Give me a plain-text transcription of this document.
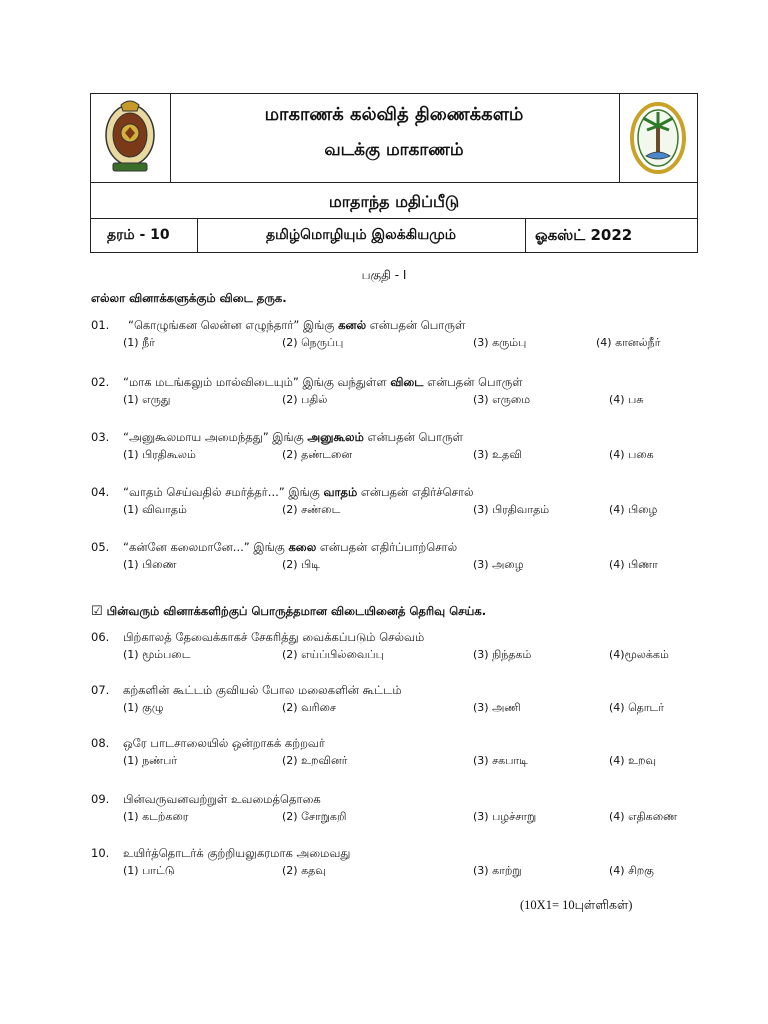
மாகாணக் கல்வித் திணைக்களம்
வடக்கு மாகாணம்
மாதாந்த மதிப்பீடு
தரம் - 10	தமிழ்மொழியும் இலக்கியமும்	ஓகஸ்ட் 2022
பகுதி - I
எல்லா வினாக்களுக்கும் விடை தருக.
01. “கொழுங்கன லென்ன எழுந்தார்” இங்கு கனல் என்பதன் பொருள்
(1) நீர்	(2) நெருப்பு	(3) கரும்பு	(4) கானல்நீர்
02. “மாக மடங்கலும் மால்விடையும்” இங்கு வந்துள்ள விடை என்பதன் பொருள்
(1) எருது	(2) பதில்	(3) எருமை	(4) பசு
03. “அனுகூலமாய அமைந்தது” இங்கு அனுகூலம் என்பதன் பொருள்
(1) பிரதிகூலம்	(2) தண்டனை	(3) உதவி	(4) பகை
04. “வாதம் செய்வதில் சமர்த்தர்...” இங்கு வாதம் என்பதன் எதிர்ச்சொல்
(1) விவாதம்	(2) சண்டை	(3) பிரதிவாதம்	(4) பிழை
05. “கன்னே கலைமானே...” இங்கு கலை என்பதன் எதிர்ப்பாற்சொல்
(1) பிணை	(2) பிடி	(3) அழை	(4) பிணா
☑ பின்வரும் வினாக்களிற்குப் பொருத்தமான விடையினைத் தெரிவு செய்க.
06. பிற்காலத் தேவைக்காகச் சேகரித்து வைக்கப்படும் செல்வம்
(1) மூம்படை	(2) எய்ப்பில்வைப்பு	(3) நிந்தகம்	(4)மூலக்கம்
07. கற்களின் கூட்டம் குவியல் போல மலைகளின் கூட்டம்
(1) குழு	(2) வரிசை	(3) அணி	(4) தொடர்
08. ஒரே பாடசாலையில் ஒன்றாகக் கற்றவர்
(1) நண்பர்	(2) உறவினர்	(3) சகபாடி	(4) உறவு
09. பின்வருவனவற்றுள் உவமைத்தொகை
(1) கடற்கரை	(2) சோறுகறி	(3) பழச்சாறு	(4) எதிகணை
10. உயிர்த்தொடர்க் குற்றியலுகரமாக அமைவது
(1) பாட்டு	(2) கதவு	(3) காற்று	(4) சிறகு
(10X1= 10புள்ளிகள்)
